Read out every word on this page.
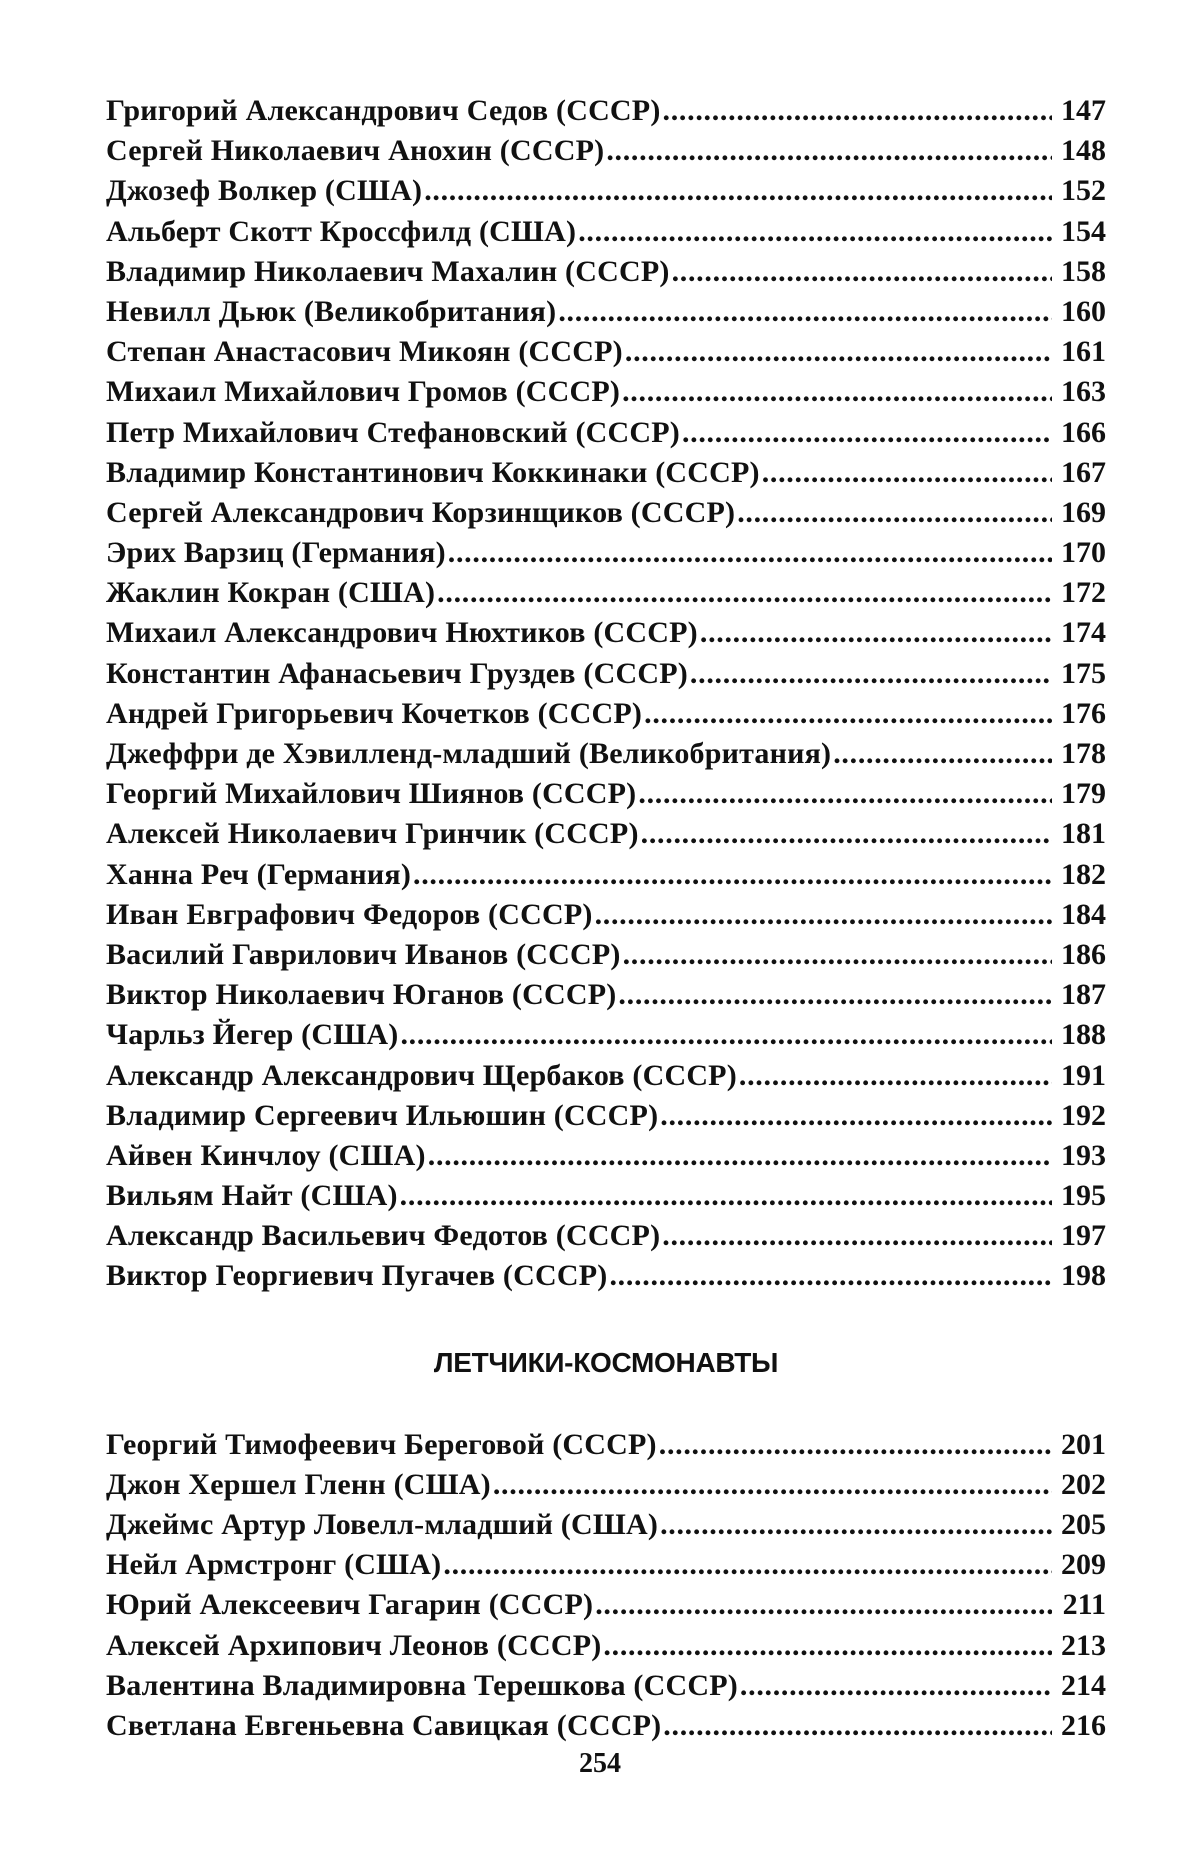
Григорий Александрович Седов (СССР) . . .	147
Сергей Николаевич Анохин (СССР) . . .	148
Джозеф Волкер (США) . . .	152
Альберт Скотт Кроссфилд (США) . . .	154
Владимир Николаевич Махалин (СССР) . . .	158
Невилл Дьюк (Великобритания) . . .	160
Степан Анастасович Микоян (СССР) . . .	161
Михаил Михайлович Громов (СССР) . . .	163
Петр Михайлович Стефановский (СССР) . . .	166
Владимир Константинович Коккинаки (СССР) . . .	167
Сергей Александрович Корзинщиков (СССР) . . .	169
Эрих Варзиц (Германия) . . .	170
Жаклин Кокран (США) . . .	172
Михаил Александрович Нюхтиков (СССР) . . .	174
Константин Афанасьевич Груздев (СССР) . . .	175
Андрей Григорьевич Кочетков (СССР) . . .	176
Джеффри де Хэвилленд-младший (Великобритания) . . .	178
Георгий Михайлович Шиянов (СССР) . . .	179
Алексей Николаевич Гринчик (СССР) . . .	181
Ханна Реч (Германия) . . .	182
Иван Евграфович Федоров (СССР) . . .	184
Василий Гаврилович Иванов (СССР) . . .	186
Виктор Николаевич Юганов (СССР) . . .	187
Чарльз Йегер (США) . . .	188
Александр Александрович Щербаков (СССР) . . .	191
Владимир Сергеевич Ильюшин (СССР) . . .	192
Айвен Кинчлоу (США) . . .	193
Вильям Найт (США) . . .	195
Александр Васильевич Федотов (СССР) . . .	197
Виктор Георгиевич Пугачев (СССР) . . .	198
ЛЕТЧИКИ-КОСМОНАВТЫ
Георгий Тимофеевич Береговой (СССР) . . .	201
Джон Хершел Гленн (США) . . .	202
Джеймс Артур Ловелл-младший (США) . . .	205
Нейл Армстронг (США) . . .	209
Юрий Алексеевич Гагарин (СССР) . . .	211
Алексей Архипович Леонов (СССР) . . .	213
Валентина Владимировна Терешкова (СССР) . . .	214
Светлана Евгеньевна Савицкая (СССР) . . .	216
254
